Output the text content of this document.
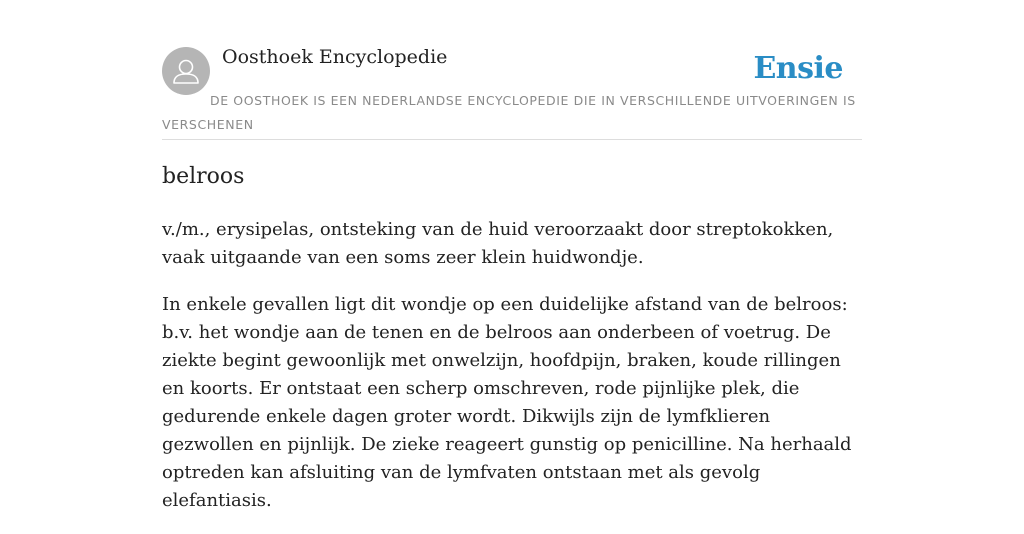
Oosthoek Encyclopedie	Ensie
DE OOSTHOEK IS EEN NEDERLANDSE ENCYCLOPEDIE DIE IN VERSCHILLENDE UITVOERINGEN IS VERSCHENEN
belroos

v./m., erysipelas, ontsteking van de huid veroorzaakt door streptokokken, vaak uitgaande van een soms zeer klein huidwondje.

In enkele gevallen ligt dit wondje op een duidelijke afstand van de belroos: b.v. het wondje aan de tenen en de belroos aan onderbeen of voetrug. De ziekte begint gewoonlijk met onwelzijn, hoofdpijn, braken, koude rillingen en koorts. Er ontstaat een scherp omschreven, rode pijnlijke plek, die gedurende enkele dagen groter wordt. Dikwijls zijn de lymfklieren gezwollen en pijnlijk. De zieke reageert gunstig op penicilline. Na herhaald optreden kan afsluiting van de lymfvaten ontstaan met als gevolg elefantiasis.
